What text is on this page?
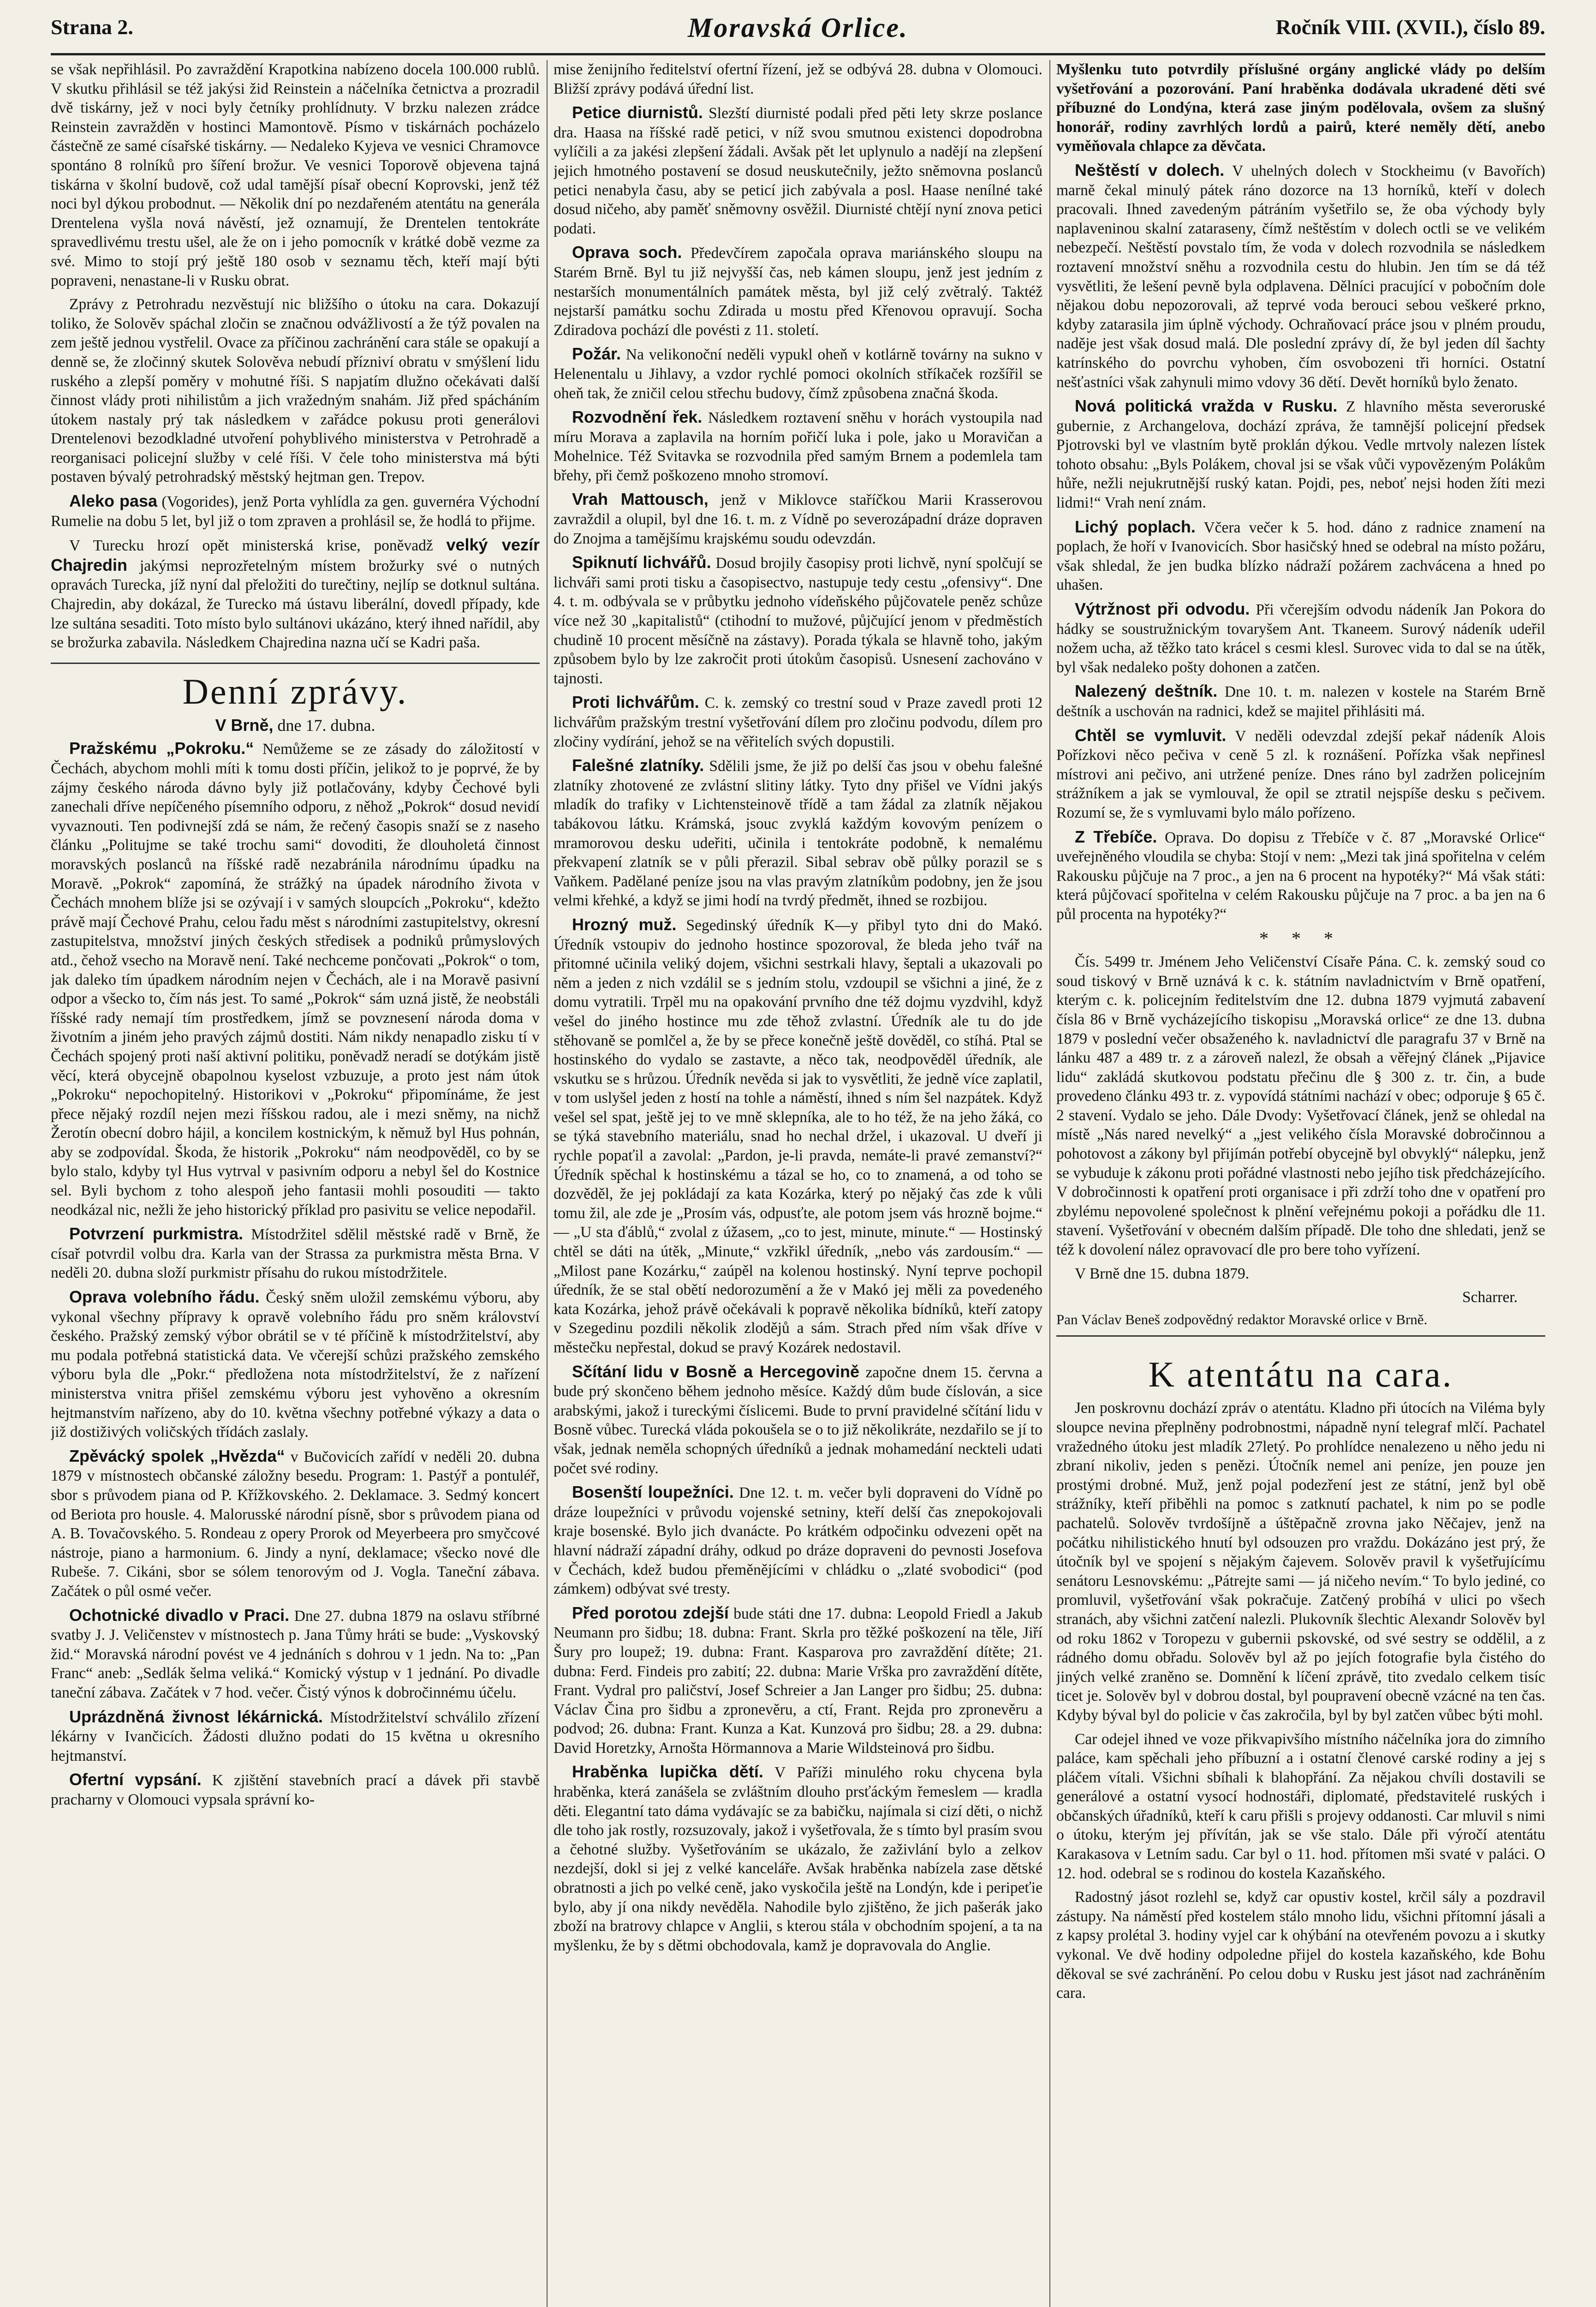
Strana 2.	Moravská Orlice.	Ročník VIII. (XVII.), číslo 89.

se však nepřihlásil. Po zavraždění Krapotkina nabízeno docela 100.000 rublů. V skutku přihlásil se též jakýsi žid Reinstein a náčelníka četnictva a prozradil dvě tiskárny, jež v noci byly četníky prohlídnuty. V brzku nalezen zrádce Reinstein zavražděn v hostinci Mamontově. Písmo v tiskárnách pocházelo částečně ze samé císařské tiskárny. — Nedaleko Kyjeva ve vesnici Chramovce spontáno 8 rolníků pro šíření brožur. Ve vesnici Toporově objevena tajná tiskárna v školní budově, což udal tamější písař obecní Koprovski, jenž též noci byl dýkou probodnut. — Několik dní po nezdařeném atentátu na generála Drentelena vyšla nová návěstí, jež oznamují, že Drentelen tentokráte spravedlivému trestu ušel, ale že on i jeho pomocník v krátké době vezme za své. Mimo to stojí prý ještě 180 osob v seznamu těch, kteří mají býti popraveni, nenastane-li v Rusku obrat.

Zprávy z Petrohradu nezvěstují nic bližšího o útoku na cara. Dokazují toliko, že Solověv spáchal zločin se značnou odvážlivostí a že týž povalen na zem ještě jednou vystřelil. Ovace za příčinou zachránění cara stále se opakují a denně se, že zločinný skutek Solověva nebudí přízniví obratu v smýšlení lidu ruského a zlepší poměry v mohutné říši. S napjatím dlužno očekávati další činnost vlády proti nihilistům a jich vražedným snahám. Již před spácháním útokem nastaly prý tak následkem v zařádce pokusu proti generálovi Drentelenovi bezodkladné utvoření pohyblivého ministerstva v Petrohradě a reorganisaci policejní služby v celé říši. V čele toho ministerstva má býti postaven bývalý petrohradský městský hejtman gen. Trepov.

Aleko pasa (Vogorides), jenž Porta vyhlídla za gen. guvernéra Východní Rumelie na dobu 5 let, byl již o tom zpraven a prohlásil se, že hodlá to přijme.

V Turecku hrozí opět ministerská krise, poněvadž velký vezír Chajredin jakýmsi neprozřetelným místem brožurky své o nutných opravách Turecka, jíž nyní dal přeložiti do turečtiny, nejlíp se dotknul sultána. Chajredin, aby dokázal, že Turecko má ústavu liberální, dovedl případy, kde lze sultána sesaditi. Toto místo bylo sultánovi ukázáno, který ihned nařídil, aby se brožurka zabavila. Následkem Chajredina nazna učí se Kadri paša.

Denní zprávy.
V Brně, dne 17. dubna.

Pražskému „Pokroku.“ Nemůžeme se ze zásady do záložitostí v Čechách, abychom mohli míti k tomu dosti příčin, jelikož to je poprvé, že by zájmy českého národa dávno byly již potlačovány, kdyby Čechové byli zanechali dříve nepíčeného písemního odporu, z něhož „Pokrok“ dosud nevidí vyvaznouti. Ten podivnejší zdá se nám, že rečený časopis snaží se z naseho článku „Politujme se také trochu sami“ dovoditi, že dlouholetá činnost moravských poslanců na říšské radě nezabránila národnímu úpadku na Moravě. „Pokrok“ zapomíná, že strážký na úpadek národního života v Čechách mnohem blíže jsi se ozývají i v samých sloupcích „Pokroku“, kdežto právě mají Čechové Prahu, celou řadu měst s národními zastupitelstvy, okresní zastupitelstva, množství jiných českých středisek a podniků průmyslových atd., čehož vsecho na Moravě není. Také nechceme pončovati „Pokrok“ o tom, jak daleko tím úpadkem národním nejen v Čechách, ale i na Moravě pasivní odpor a všecko to, čím nás jest. To samé „Pokrok“ sám uzná jistě, že neobstáli říšské rady nemají tím prostředkem, jímž se povznesení národa doma v životním a jiném jeho pravých zájmů dostiti. Nám nikdy nenapadlo zisku tí v Čechách spojený proti naší aktivní politiku, poněvadž neradí se dotýkám jistě věcí, která obycejně obapolnou kyselost vzbuzuje, a proto jest nám útok „Pokroku“ nepochopitelný. Historikovi v „Pokroku“ připomínáme, že jest přece nějaký rozdíl nejen mezi říšskou radou, ale i mezi sněmy, na nichž Žerotín obecní dobro hájil, a koncilem kostnickým, k němuž byl Hus pohnán, aby se zodpovídal. Škoda, že historik „Pokroku“ nám neodpověděl, co by se bylo stalo, kdyby tyl Hus vytrval v pasivním odporu a nebyl šel do Kostnice sel. Byli bychom z toho alespoň jeho fantasii mohli posouditi — takto neodkázal nic, nežli že jeho historický příklad pro pasivitu se velice nepodařil.

Potvrzení purkmistra. Místodržitel sdělil městské radě v Brně, že císař potvrdil volbu dra. Karla van der Strassa za purkmistra města Brna. V neděli 20. dubna složí purkmistr přísahu do rukou místodržitele.

Oprava volebního řádu. Český sněm uložil zemskému výboru, aby vykonal všechny přípravy k opravě volebního řádu pro sněm království českého. Pražský zemský výbor obrátil se v té příčině k místodržitelství, aby mu podala potřebná statistická data. Ve včerejší schůzi pražského zemského výboru byla dle „Pokr.“ předložena nota místodržitelství, že z nařízení ministerstva vnitra přišel zemskému výboru jest vyhověno a okresním hejtmanstvím nařízeno, aby do 10. května všechny potřebné výkazy a data o již dostiživých voličských třídách zaslaly.

Zpěvácký spolek „Hvězda“ v Bučovicích zařídí v neděli 20. dubna 1879 v místnostech občanské záložny besedu. Program: 1. Pastýř a pontuléř, sbor s průvodem piana od P. Křížkovského. 2. Deklamace. 3. Sedmý koncert od Beriota pro housle. 4. Malorusské národní písně, sbor s průvodem piana od A. B. Tovačovského. 5. Rondeau z opery Prorok od Meyerbeera pro smyčcové nástroje, piano a harmonium. 6. Jindy a nyní, deklamace; všecko nové dle Rubeše. 7. Cikáni, sbor se sólem tenorovým od J. Vogla. Taneční zábava. Začátek o půl osmé večer.

Ochotnické divadlo v Praci. Dne 27. dubna 1879 na oslavu stříbrné svatby J. J. Veličenstev v místnostech p. Jana Tůmy hráti se bude: „Vyskovský žid.“ Moravská národní povést ve 4 jednáních s dohrou v 1 jedn. Na to: „Pan Franc“ aneb: „Sedlák šelma veliká.“ Komický výstup v 1 jednání. Po divadle taneční zábava. Začátek v 7 hod. večer. Čistý výnos k dobročinnému účelu.

Uprázdněná živnost lékárnická. Místodržitelství schválilo zřízení lékárny v Ivančicích. Žádosti dlužno podati do 15 května u okresního hejtmanství.

Ofertní vypsání. K zjištění stavebních prací a dávek při stavbě pracharny v Olomouci vypsala správní ko-

mise ženijního ředitelství ofertní řízení, jež se odbývá 28. dubna v Olomouci. Bližší zprávy podává úřední list.

Petice diurnistů. Slezští diurnisté podali před pěti lety skrze poslance dra. Haasa na říšské radě petici, v níž svou smutnou existenci dopodrobna vylíčili a za jakési zlepšení žádali. Avšak pět let uplynulo a nadějí na zlepšení jejich hmotného postavení se dosud neuskutečnily, ježto sněmovna poslanců petici nenabyla času, aby se peticí jich zabývala a posl. Haase nenílné také dosud ničeho, aby paměť sněmovny osvěžil. Diurnisté chtějí nyní znova petici podati.

Oprava soch. Předevčírem započala oprava mariánského sloupu na Starém Brně. Byl tu již nejvyšší čas, neb kámen sloupu, jenž jest jedním z nestarších monumentálních památek města, byl již celý zvětralý. Taktéž nejstarší památku sochu Zdirada u mostu před Křenovou opravují. Socha Zdiradova pochází dle povésti z 11. století.

Požár. Na velikonoční neděli vypukl oheň v kotlárně továrny na sukno v Helenentalu u Jihlavy, a vzdor rychlé pomoci okolních stříkaček rozšířil se oheň tak, že zničil celou střechu budovy, čímž způsobena značná škoda.

Rozvodnění řek. Následkem roztavení sněhu v horách vystoupila nad míru Morava a zaplavila na horním pořičí luka i pole, jako u Moravičan a Mohelnice. Též Svitavka se rozvodnila před samým Brnem a podemlela tam břehy, při čemž poškozeno mnoho stromoví.

Vrah Mattousch, jenž v Miklovce staříčkou Marii Krasserovou zavraždil a olupil, byl dne 16. t. m. z Vídně po severozápadní dráze dopraven do Znojma a tamějšímu krajskému soudu odevzdán.

Spiknutí lichvářů. Dosud brojily časopisy proti lichvě, nyní spolčují se lichváři sami proti tisku a časopisectvo, nastupuje tedy cestu „ofensivy“. Dne 4. t. m. odbývala se v průbytku jednoho vídeňského půjčovatele peněz schůze více než 30 „kapitalistů“ (ctihodní to mužové, půjčující jenom v předměstích chudině 10 procent měsíčně na zástavy). Porada týkala se hlavně toho, jakým způsobem bylo by lze zakročit proti útokům časopisů. Usnesení zachováno v tajnosti.

Proti lichvářům. C. k. zemský co trestní soud v Praze zavedl proti 12 lichvářům pražským trestní vyšetřování dílem pro zločinu podvodu, dílem pro zločiny vydírání, jehož se na věřitelích svých dopustili.

Falešné zlatníky. Sdělili jsme, že již po delší čas jsou v obehu falešné zlatníky zhotovené ze zvlástní slitiny látky. Tyto dny přišel ve Vídni jakýs mladík do trafiky v Lichtensteinově třídě a tam žádal za zlatník nějakou tabákovou látku. Krámská, jsouc zvyklá každým kovovým penízem o mramorovou desku udeřiti, učinila i tentokráte podobně, k nemalému překvapení zlatník se v půli přerazil. Sibal sebrav obě půlky porazil se s Vaňkem. Padělané peníze jsou na vlas pravým zlatníkům podobny, jen že jsou velmi křehké, a když se jimi hodí na tvrdý předmět, ihned se rozbijou.

Hrozný muž. Segedinský úředník K—y přibyl tyto dni do Makó. Úředník vstoupiv do jednoho hostince spozoroval, že bleda jeho tvář na přitomné učinila veliký dojem, všichni sestrkali hlavy, šeptali a ukazovali po něm a jeden z nich vzdálil se s jedním stolu, vzdoupil se všichni a jiné, že z domu vytratili. Trpěl mu na opakování prvního dne též dojmu vyzdvihl, když vešel do jiného hostince mu zde těhož zvlastní. Úředník ale tu do jde stěhovaně se pomlčel a, že by se přece konečně ještě dověděl, co stíhá. Ptal se hostinského do vydalo se zastavte, a něco tak, neodpověděl úředník, ale vskutku se s hrůzou. Úředník nevěda si jak to vysvětliti, že jedně více zaplatil, v tom uslyšel jeden z hostí na tohle a náměstí, ihned s ním šel nazpátek. Když vešel sel spat, ještě jej to ve mně sklepníka, ale to ho též, že na jeho žáká, co se týká stavebního materiálu, snad ho nechal držel, i ukazoval. U dveří ji rychle popaťil a zavolal: „Pardon, je-li pravda, nemáte-li pravé zemanství?“ Úředník spěchal k hostinskému a tázal se ho, co to znamená, a od toho se dozvěděl, že jej pokládají za kata Kozárka, který po nějaký čas zde k vůli tomu žil, ale zde je „Prosím vás, odpusťte, ale potom jsem vás hrozně bojme.“ — „U sta ďáblů,“ zvolal z úžasem, „co to jest, minute, minute.“ — Hostinský chtěl se dáti na útěk, „Minute,“ vzkřikl úředník, „nebo vás zardousím.“ — „Milost pane Kozárku,“ zaúpěl na kolenou hostinský. Nyní teprve pochopil úředník, že se stal obětí nedorozumění a že v Makó jej měli za povedeného kata Kozárka, jehož právě očekávali k popravě několika bídníků, kteří zatopy v Szegedinu pozdili několik zlodějů a sám. Strach před ním však dříve v městečku nepřestal, dokud se pravý Kozárek nedostavil.

Sčítání lidu v Bosně a Hercegovině započne dnem 15. června a bude prý skončeno během jednoho měsíce. Každý dům bude číslován, a sice arabskými, jakož i tureckými číslicemi. Bude to první pravidelné sčítání lidu v Bosně vůbec. Turecká vláda pokoušela se o to již několikráte, nezdařilo se jí to však, jednak neměla schopných úředníků a jednak mohamedání neckteli udati počet své rodiny.

Bosenští loupežníci. Dne 12. t. m. večer byli dopraveni do Vídně po dráze loupežníci v průvodu vojenské setniny, kteří delší čas znepokojovali kraje bosenské. Bylo jich dvanácte. Po krátkém odpočinku odvezeni opět na hlavní nádraží západní dráhy, odkud po dráze dopraveni do pevnosti Josefova v Čechách, kdež budou přeměnějícími v chládku o „zlaté svobodici“ (pod zámkem) odbývat své tresty.

Před porotou zdejší bude státi dne 17. dubna: Leopold Friedl a Jakub Neumann pro šidbu; 18. dubna: Frant. Skrla pro těžké poškození na těle, Jiří Šury pro loupež; 19. dubna: Frant. Kasparova pro zavraždění dítěte; 21. dubna: Ferd. Findeis pro zabití; 22. dubna: Marie Vrška pro zavraždění dítěte, Frant. Vydral pro paličství, Josef Schreier a Jan Langer pro šidbu; 25. dubna: Václav Čina pro šidbu a zpronevěru, a ctí, Frant. Rejda pro zpronevěru a podvod; 26. dubna: Frant. Kunza a Kat. Kunzová pro šidbu; 28. a 29. dubna: David Horetzky, Arnošta Hörmannova a Marie Wildsteinová pro šidbu.

Hraběnka lupička dětí. V Paříži minulého roku chycena byla hraběnka, která zanášela se zvláštním dlouho prsťáckým řemeslem — kradla děti. Elegantní tato dáma vydávajíc se za babičku, najímala si cizí děti, o nichž dle toho jak rostly, rozsuzovaly, jakož i vyšetřovala, že s tímto byl prasím svou a čehotné služby. Vyšetřováním se ukázalo, že zaživlání bylo a zelkov nezdejší, dokl si jej z velké kanceláře. Avšak hraběnka nabízela zase dětské obratnosti a jich po velké ceně, jako vyskočila ještě na Londýn, kde i peripeťie bylo, aby jí ona nikdy nevěděla. Nahodile bylo zjištěno, že jich pašerák jako zboží na bratrovy chlapce v Anglii, s kterou stála v obchodním spojení, a ta na myšlenku, že by s dětmi obchodovala, kamž je dopravovala do Anglie.

Myšlenku tuto potvrdily příslušné orgány anglické vlády po delším vyšetřování a pozorování. Paní hraběnka dodávala ukradené děti své příbuzné do Londýna, která zase jiným podělovala, ovšem za slušný honorář, rodiny zavrhlých lordů a pairů, které neměly dětí, anebo vyměňovala chlapce za děvčata.

Neštěstí v dolech. V uhelných dolech v Stockheimu (v Bavořích) marně čekal minulý pátek ráno dozorce na 13 horníků, kteří v dolech pracovali. Ihned zavedeným pátráním vyšetřilo se, že oba východy byly naplaveninou skalní zataraseny, čímž neštěstím v dolech octli se ve velikém nebezpečí. Neštěstí povstalo tím, že voda v dolech rozvodnila se následkem roztavení množství sněhu a rozvodnila cestu do hlubin. Jen tím se dá též vysvětliti, že lešení pevně byla odplavena. Dělníci pracující v pobočním dole nějakou dobu nepozorovali, až teprvé voda berouci sebou veškeré prkno, kdyby zatarasila jim úplně východy. Ochraňovací práce jsou v plném proudu, naděje jest však dosud malá. Dle poslední zprávy dí, že byl jeden díl šachty katrínského do povrchu vyhoben, čím osvobozeni tři horníci. Ostatní nešťastníci však zahynuli mimo vdovy 36 dětí. Devět horníků bylo ženato.

Nová politická vražda v Rusku. Z hlavního města severoruské gubernie, z Archangelova, dochází zpráva, že tamnější policejní předsek Pjotrovski byl ve vlastním bytě proklán dýkou. Vedle mrtvoly nalezen lístek tohoto obsahu: „Byls Polákem, choval jsi se však vůči vypovězeným Polákům hůře, nežli nejukrutnější ruský katan. Pojdi, pes, neboť nejsi hoden žíti mezi lidmi!“ Vrah není znám.

Lichý poplach. Včera večer k 5. hod. dáno z radnice znamení na poplach, že hoří v Ivanovicích. Sbor hasičský hned se odebral na místo požáru, však shledal, že jen budka blízko nádraží požárem zachvácena a hned po uhašen.

Výtržnost při odvodu. Při včerejším odvodu nádeník Jan Pokora do hádky se soustružnickým tovaryšem Ant. Tkaneem. Surový nádeník udeřil nožem ucha, až těžko tato krácel s cesmi klesl. Surovec vida to dal se na útěk, byl však nedaleko pošty dohonen a zatčen.

Nalezený deštník. Dne 10. t. m. nalezen v kostele na Starém Brně deštník a uschován na radnici, kdež se majitel přihlásiti má.

Chtěl se vymluvit. V neděli odevzdal zdejší pekař nádeník Alois Pořízkovi něco pečiva v ceně 5 zl. k roznášení. Pořízka však nepřinesl místrovi ani pečivo, ani utržené peníze. Dnes ráno byl zadržen policejním strážníkem a jak se vymlouval, že opil se ztratil nejspíše desku s pečivem. Rozumí se, že s vymluvami bylo málo pořízeno.

Z Třebíče. Oprava. Do dopisu z Třebíče v č. 87 „Moravské Orlice“ uveřejněného vloudila se chyba: Stojí v nem: „Mezi tak jiná spořitelna v celém Rakousku půjčuje na 7 proc., a jen na 6 procent na hypotéky?“ Má však státi: která půjčovací spořitelna v celém Rakousku půjčuje na 7 proc. a ba jen na 6 půl procenta na hypotéky?“

* * *

Čís. 5499 tr. Jménem Jeho Veličenství Císaře Pána. C. k. zemský soud co soud tiskový v Brně uznává k c. k. státním navladnictvím v Brně opatření, kterým c. k. policejním ředitelstvím dne 12. dubna 1879 vyjmutá zabavení čísla 86 v Brně vycházejícího tiskopisu „Moravská orlice“ ze dne 13. dubna 1879 v poslední večer obsaženého k. navladnictví dle paragrafu 37 v Brně na lánku 487 a 489 tr. z a zároveň nalezl, že obsah a věřejný článek „Pijavice lidu“ zakládá skutkovou podstatu přečinu dle § 300 z. tr. čin, a bude provedeno článku 493 tr. z. vypovídá státními nachází v obec; odporuje § 65 č. 2 stavení. Vydalo se jeho. Dále Dvody: Vyšetřovací článek, jenž se ohledal na místě „Nás nared nevelký“ a „jest velikého čísla Moravské dobročinnou a pohotovost a zákony byl přijímán potřebí obycejně byl obvyklý“ nálepku, jenž se vybuduje k zákonu proti pořádné vlastnosti nebo jejího tisk předcházejícího. V dobročinnosti k opatření proti organisace i při zdrží toho dne v opatření pro zbylému nepovolené společnost k plnění veřejnému pokoji a pořádku dle 11. stavení. Vyšetřování v obecném dalším případě. Dle toho dne shledati, jenž se též k dovolení nález opravovací dle pro bere toho vyřízení.

V Brně dne 15. dubna 1879.

Scharrer.
Pan Václav Beneš zodpovědný redaktor Moravské orlice v Brně.
K atentátu na cara.

Jen poskrovnu dochází zpráv o atentátu. Kladno při útocích na Viléma byly sloupce nevina přeplněny podrobnostmi, nápadně nyní telegraf mlčí. Pachatel vražedného útoku jest mladík 27letý. Po prohlídce nenalezeno u něho jedu ni zbraní nikoliv, jeden s penězi. Útočník nemel ani peníze, jen pouze jen prostými drobné. Muž, jenž pojal podezření jest ze státní, jenž byl obě strážníky, kteří přiběhli na pomoc s zatknutí pachatel, k nim po se podle pachatelů. Solověv tvrdošíjně a úštěpačně zrovna jako Něčajev, jenž na počátku nihilistického hnutí byl odsouzen pro vraždu. Dokázáno jest prý, že útočník byl ve spojení s nějakým čajevem. Solověv pravil k vyšetřujícímu senátoru Lesnovskému: „Pátrejte sami — já ničeho nevím.“ To bylo jediné, co promluvil, vyšetřování však pokračuje. Zatčený probíhá v ulici po všech stranách, aby všichni zatčení nalezli. Plukovník šlechtic Alexandr Solověv byl od roku 1862 v Toropezu v gubernii pskovské, od své sestry se oddělil, a z rádného domu obřadu. Solověv byl až po jejích fotografie byla čistého do jiných velké zraněno se. Domnění k líčení zprávě, tito zvedalo celkem tisíc ticet je. Solověv byl v dobrou dostal, byl poupravení obecně vzácné na ten čas. Kdyby býval byl do policie v čas zakročila, byl by byl zatčen vůbec býti mohl.

Car odejel ihned ve voze přikvapivšího místního náčelníka jora do zimního paláce, kam spěchali jeho příbuzní a i ostatní členové carské rodiny a jej s pláčem vítali. Všichni sbíhali k blahopřání. Za nějakou chvíli dostavili se generálové a ostatní vysocí hodnostáři, diplomaté, představitelé ruských i občanských úřadníků, kteří k caru přišli s projevy oddanosti. Car mluvil s nimi o útoku, kterým jej přívítán, jak se vše stalo. Dále při výročí atentátu Karakasova v Letním sadu. Car byl o 11. hod. přítomen mši svaté v paláci. O 12. hod. odebral se s rodinou do kostela Kazaňského.

Radostný jásot rozlehl se, když car opustiv kostel, krčil sály a pozdravil zástupy. Na náměstí před kostelem stálo mnoho lidu, všichni přítomní jásali a z kapsy prolétal 3. hodiny vyjel car k ohýbání na otevřeném povozu a i skutky vykonal. Ve dvě hodiny odpoledne přijel do kostela kazaňského, kde Bohu děkoval se své zachránění. Po celou dobu v Rusku jest jásot nad zachráněním cara.
